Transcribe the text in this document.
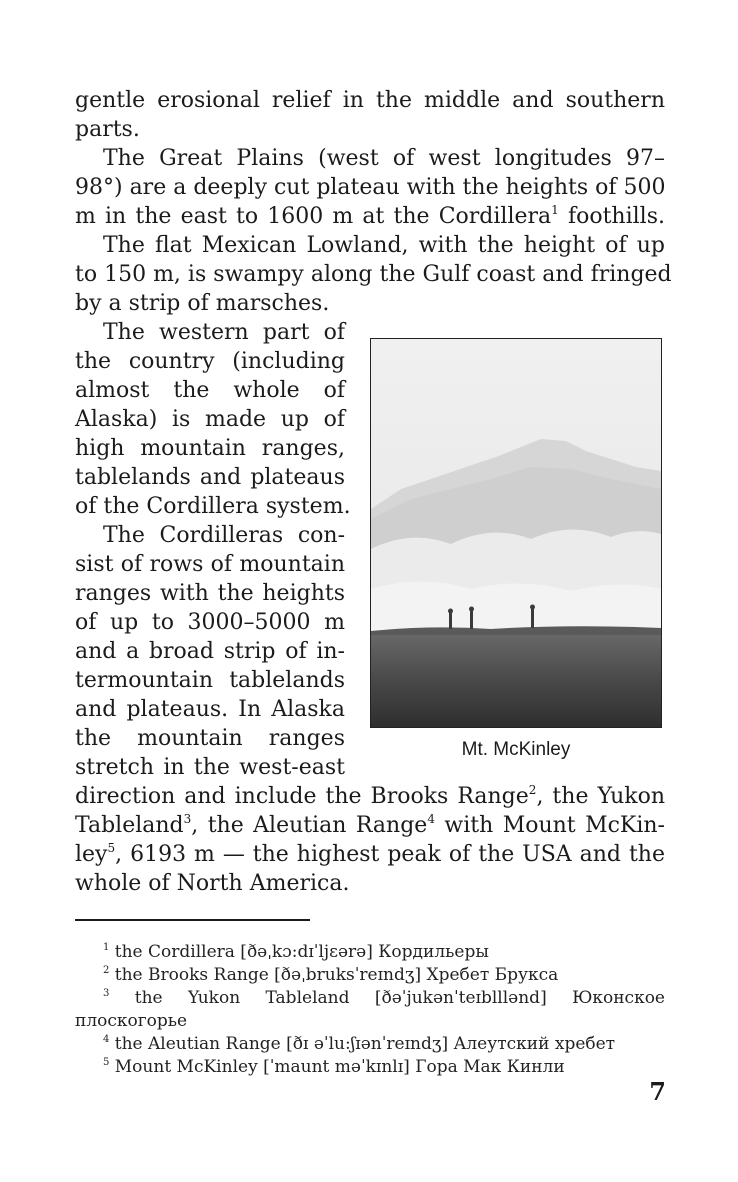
gentle erosional relief in the middle and southern
parts.
The Great Plains (west of west longitudes 97–
98°) are a deeply cut plateau with the heights of 500
m in the east to 1600 m at the Cordillera$^1$ foothills.
The flat Mexican Lowland, with the height of up
to 150 m, is swampy along the Gulf coast and fringed
by a strip of marsches.
The western part of
the country (including
almost the whole of
Alaska) is made up of
high mountain ranges,
tablelands and plateaus
of the Cordillera system.
The Cordilleras con-
sist of rows of mountain
ranges with the heights
of up to 3000–5000 m
and a broad strip of in-
termountain tablelands
and plateaus. In Alaska
the mountain ranges
stretch in the west-east
direction and include the Brooks Range$^2$, the Yukon
Tableland$^3$, the Aleutian Range$^4$ with Mount McKin-
ley$^5$, 6193 m — the highest peak of the USA and the
whole of North America.
Mt. McKinley
$^1$ the Cordillera [ðəˌkɔ:dɪˈljɛərə] Кордильеры
$^2$ the Brooks Range [ðəˌbruksˈreɪndʒ] Хребет Брукса
$^3$ the Yukon Tableland [ðəˈjukənˈteɪblllənd] Юконское
плоскогорье
$^4$ the Aleutian Range [ðɪ əˈlu:ʃɪənˈreɪndʒ] Алеутский хребет
$^5$ Mount McKinley [ˈmaunt məˈkɪnlɪ] Гора Мак Кинли
7
